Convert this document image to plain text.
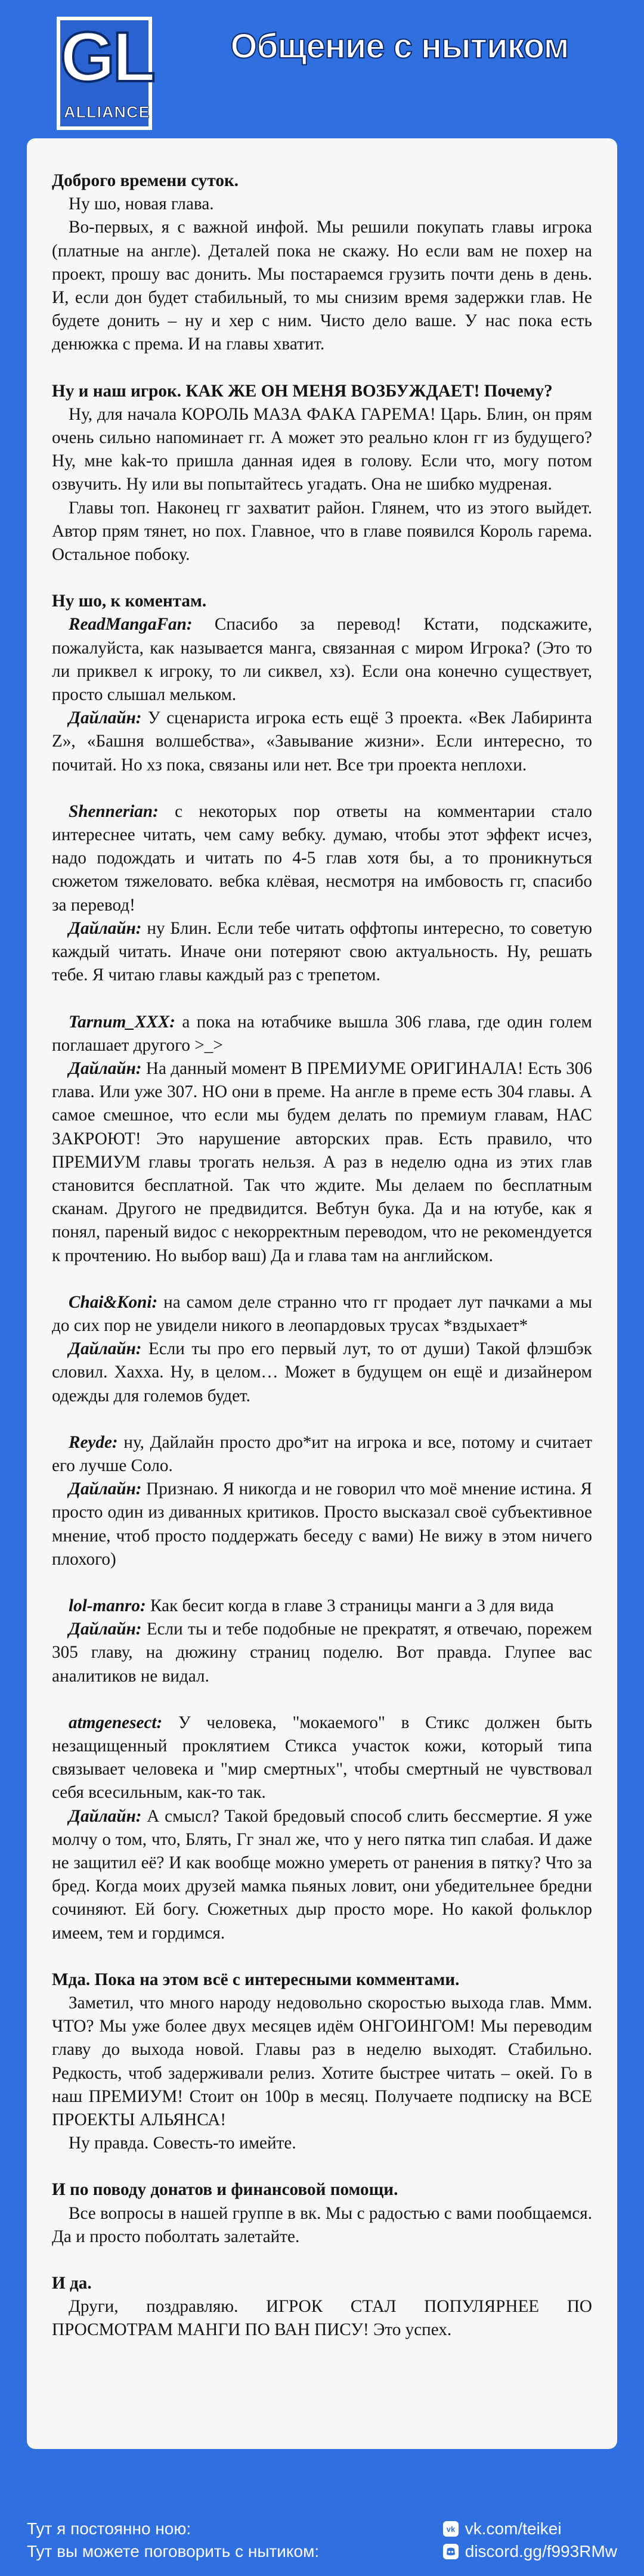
GL
ALLIANCE
Общение с нытиком

Доброго времени суток.

Ну шо, новая глава.

Во-первых, я с важной инфой. Мы решили покупать главы игрока (платные на англе). Деталей пока не скажу. Но если вам не похер на проект, прошу вас донить. Мы постараемся грузить почти день в день. И, если дон будет стабильный, то мы снизим время задержки глав. Не будете донить – ну и хер с ним. Чисто дело ваше. У нас пока есть денюжка с према. И на главы хватит.

Ну и наш игрок. КАК ЖЕ ОН МЕНЯ ВОЗБУЖДАЕТ! Почему?

Ну, для начала КОРОЛЬ МАЗА ФАКА ГАРЕМА! Царь. Блин, он прям очень сильно напоминает гг. А может это реально клон гг из будущего? Ну, мне kak-то пришла данная идея в голову. Если что, могу потом озвучить. Ну или вы попытайтесь угадать. Она не шибко мудреная.

Главы топ. Наконец гг захватит район. Глянем, что из этого выйдет. Автор прям тянет, но пох. Главное, что в главе появился Король гарема. Остальное побоку.

Ну шо, к коментам.

ReadMangaFan: Спасибо за перевод! Кстати, подскажите, пожалуйста, как называется манга, связанная с миром Игрока? (Это то ли приквел к игроку, то ли сиквел, хз). Если она конечно существует, просто слышал мельком.

Дайлайн: У сценариста игрока есть ещё 3 проекта. «Век Лабиринта Z», «Башня волшебства», «Завывание жизни». Если интересно, то почитай. Но хз пока, связаны или нет. Все три проекта неплохи.

Shennerian: с некоторых пор ответы на комментарии стало интереснее читать, чем саму вебку. думаю, чтобы этот эффект исчез, надо подождать и читать по 4-5 глав хотя бы, а то проникнуться сюжетом тяжеловато. вебка клёвая, несмотря на имбовость гг, спасибо за перевод!

Дайлайн: ну Блин. Если тебе читать оффтопы интересно, то советую каждый читать. Иначе они потеряют свою актуальность. Ну, решать тебе. Я читаю главы каждый раз с трепетом.

Tarnum_XXX: а пока на ютабчике вышла 306 глава, где один голем поглашает другого >_>

Дайлайн: На данный момент В ПРЕМИУМЕ ОРИГИНАЛА! Есть 306 глава. Или уже 307. НО они в преме. На англе в преме есть 304 главы. А самое смешное, что если мы будем делать по премиум главам, НАС ЗАКРОЮТ! Это нарушение авторских прав. Есть правило, что ПРЕМИУМ главы трогать нельзя. А раз в неделю одна из этих глав становится бесплатной. Так что ждите. Мы делаем по бесплатным сканам. Другого не предвидится. Вебтун бука. Да и на ютубе, как я понял, пареный видос с некорректным переводом, что не рекомендуется к прочтению. Но выбор ваш) Да и глава там на английском.

Chai&Koni: на самом деле странно что гг продает лут пачками а мы до сих пор не увидели никого в леопардовых трусах *вздыхает*

Дайлайн: Если ты про его первый лут, то от души) Такой флэшбэк словил. Хахха. Ну, в целом… Может в будущем он ещё и дизайнером одежды для големов будет.

Reyde: ну, Дайлайн просто дро*ит на игрока и все, потому и считает его лучше Соло.

Дайлайн: Признаю. Я никогда и не говорил что моё мнение истина. Я просто один из диванных критиков. Просто высказал своё субъективное мнение, чтоб просто поддержать беседу с вами) Не вижу в этом ничего плохого)

lol-manro: Как бесит когда в главе 3 страницы манги а 3 для вида

Дайлайн: Если ты и тебе подобные не прекратят, я отвечаю, порежем 305 главу, на дюжину страниц поделю. Вот правда. Глупее вас аналитиков не видал.

atmgenesect: У человека, "мокаемого" в Стикс должен быть незащищенный проклятием Стикса участок кожи, который типа связывает человека и "мир смертных", чтобы смертный не чувствовал себя всесильным, как-то так.

Дайлайн: А смысл? Такой бредовый способ слить бессмертие. Я уже молчу о том, что, Блять, Гг знал же, что у него пятка тип слабая. И даже не защитил её? И как вообще можно умереть от ранения в пятку? Что за бред. Когда моих друзей мамка пьяных ловит, они убедительнее бредни сочиняют. Ей богу. Сюжетных дыр просто море. Но какой фольклор имеем, тем и гордимся.

Мда. Пока на этом всё с интересными комментами.

Заметил, что много народу недовольно скоростью выхода глав. Ммм. ЧТО? Мы уже более двух месяцев идём ОНГОИНГОМ! Мы переводим главу до выхода новой. Главы раз в неделю выходят. Стабильно. Редкость, чтоб задерживали релиз. Хотите быстрее читать – окей. Го в наш ПРЕМИУМ! Стоит он 100р в месяц. Получаете подписку на ВСЕ ПРОЕКТЫ АЛЬЯНСА!

Ну правда. Совесть-то имейте.

И по поводу донатов и финансовой помощи.

Все вопросы в нашей группе в вк. Мы с радостью с вами пообщаемся. Да и просто поболтать залетайте.

И да.

Други, поздравляю. ИГРОК СТАЛ ПОПУЛЯРНЕЕ ПО ПРОСМОТРАМ МАНГИ ПО ВАН ПИСУ! Это успех.

Тут я постоянно ною:
Тут вы можете поговорить с нытиком:
vk vk.com/teikei
discord.gg/f993RMw
